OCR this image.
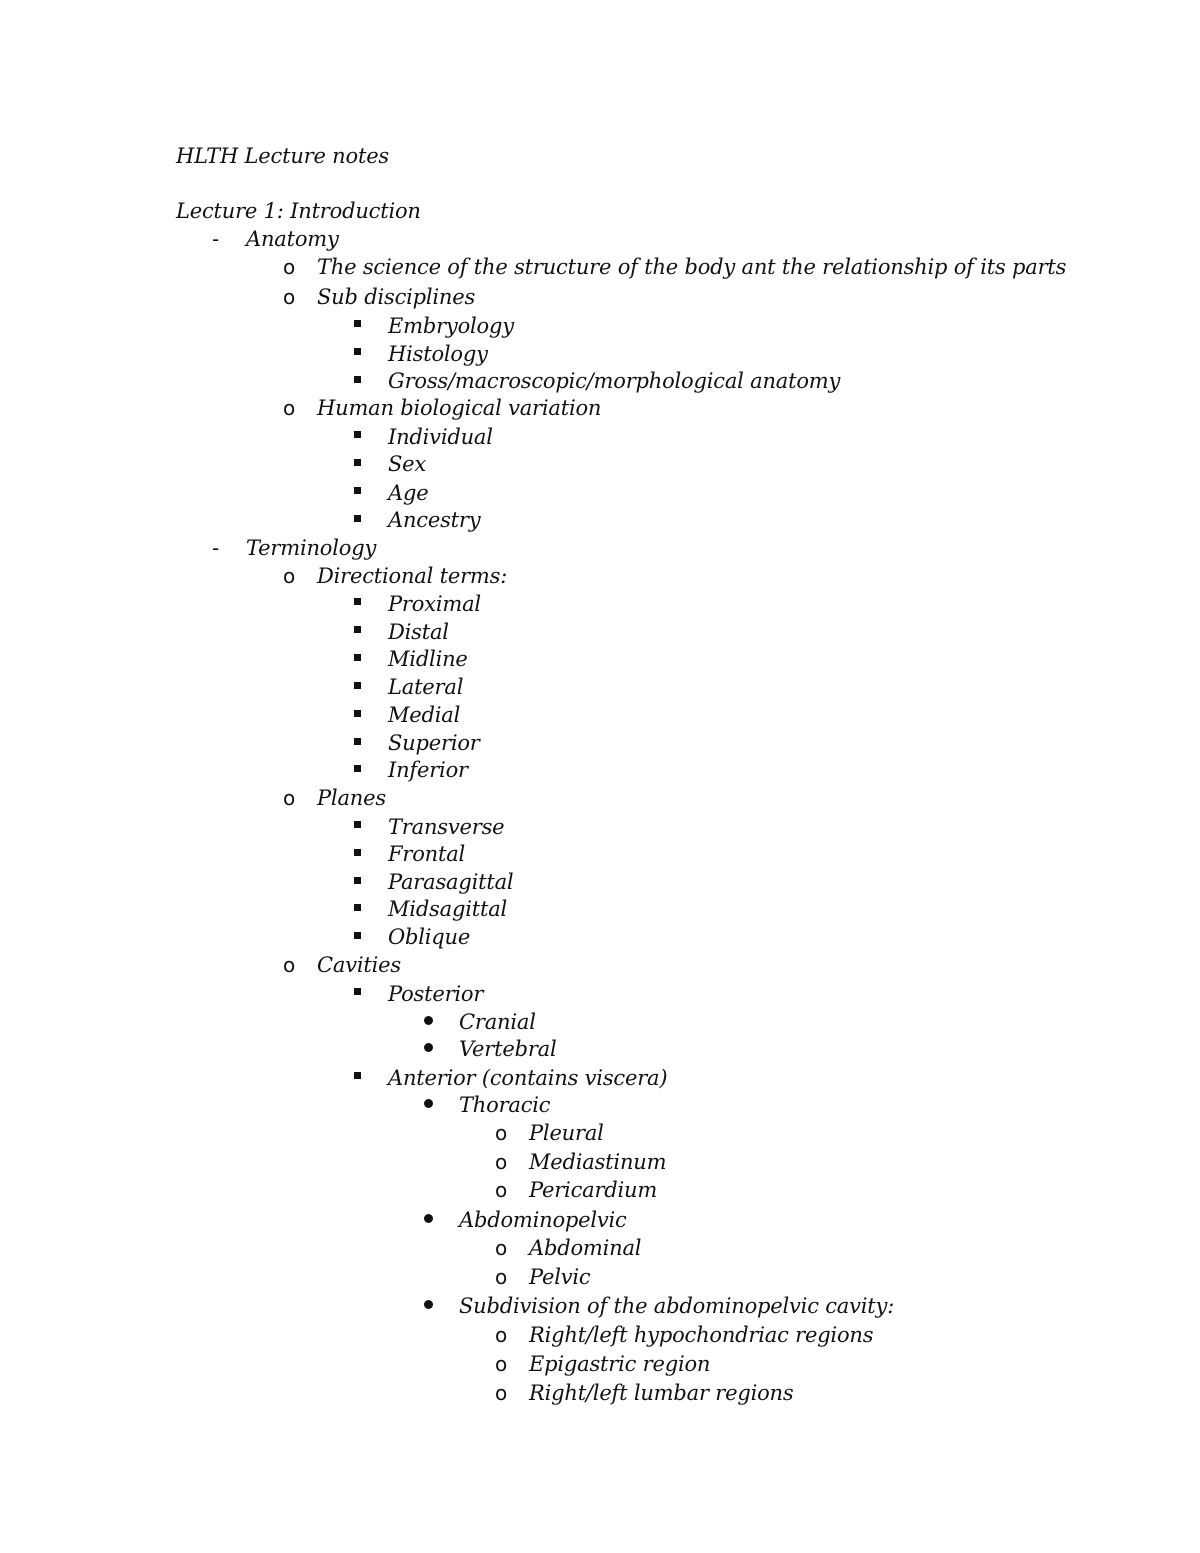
HLTH Lecture notes
Lecture 1: Introduction
- Anatomy
o The science of the structure of the body ant the relationship of its parts
o Sub disciplines
Embryology
Histology
Gross/macroscopic/morphological anatomy
o Human biological variation
Individual
Sex
Age
Ancestry
- Terminology
o Directional terms:
Proximal
Distal
Midline
Lateral
Medial
Superior
Inferior
o Planes
Transverse
Frontal
Parasagittal
Midsagittal
Oblique
o Cavities
Posterior
Cranial
Vertebral
Anterior (contains viscera)
Thoracic
o Pleural
o Mediastinum
o Pericardium
Abdominopelvic
o Abdominal
o Pelvic
Subdivision of the abdominopelvic cavity:
o Right/left hypochondriac regions
o Epigastric region
o Right/left lumbar regions
